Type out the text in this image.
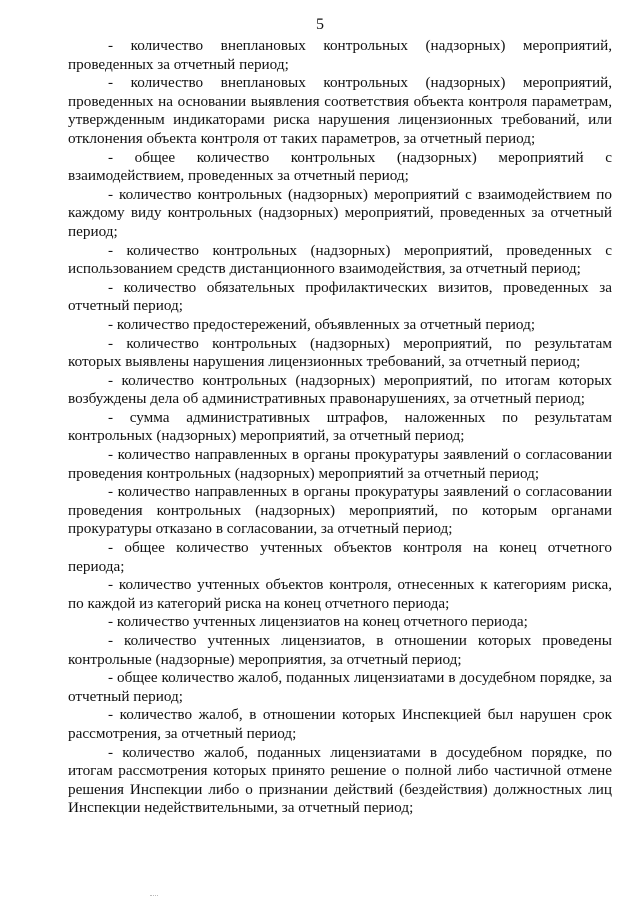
5

- количество внеплановых контрольных (надзорных) мероприятий, проведенных за отчетный период;

- количество внеплановых контрольных (надзорных) мероприятий, проведенных на основании выявления соответствия объекта контроля параметрам, утвержденным индикаторами риска нарушения лицензионных требований, или отклонения объекта контроля от таких параметров, за отчетный период;

- общее количество контрольных (надзорных) мероприятий с взаимодействием, проведенных за отчетный период;

- количество контрольных (надзорных) мероприятий с взаимодействием по каждому виду контрольных (надзорных) мероприятий, проведенных за отчетный период;

- количество контрольных (надзорных) мероприятий, проведенных с использованием средств дистанционного взаимодействия, за отчетный период;

- количество обязательных профилактических визитов, проведенных за отчетный период;

- количество предостережений, объявленных за отчетный период;

- количество контрольных (надзорных) мероприятий, по результатам которых выявлены нарушения лицензионных требований, за отчетный период;

- количество контрольных (надзорных) мероприятий, по итогам которых возбуждены дела об административных правонарушениях, за отчетный период;

- сумма административных штрафов, наложенных по результатам контрольных (надзорных) мероприятий, за отчетный период;

- количество направленных в органы прокуратуры заявлений о согласовании проведения контрольных (надзорных) мероприятий за отчетный период;

- количество направленных в органы прокуратуры заявлений о согласовании проведения контрольных (надзорных) мероприятий, по которым органами прокуратуры отказано в согласовании, за отчетный период;

- общее количество учтенных объектов контроля на конец отчетного периода;

- количество учтенных объектов контроля, отнесенных к категориям риска, по каждой из категорий риска на конец отчетного периода;

- количество учтенных лицензиатов на конец отчетного периода;

- количество учтенных лицензиатов, в отношении которых проведены контрольные (надзорные) мероприятия, за отчетный период;

- общее количество жалоб, поданных лицензиатами в досудебном порядке, за отчетный период;

- количество жалоб, в отношении которых Инспекцией был нарушен срок рассмотрения, за отчетный период;

- количество жалоб, поданных лицензиатами в досудебном порядке, по итогам рассмотрения которых принято решение о полной либо частичной отмене решения Инспекции либо о признании действий (бездействия) должностных лиц Инспекции недействительными, за отчетный период;
